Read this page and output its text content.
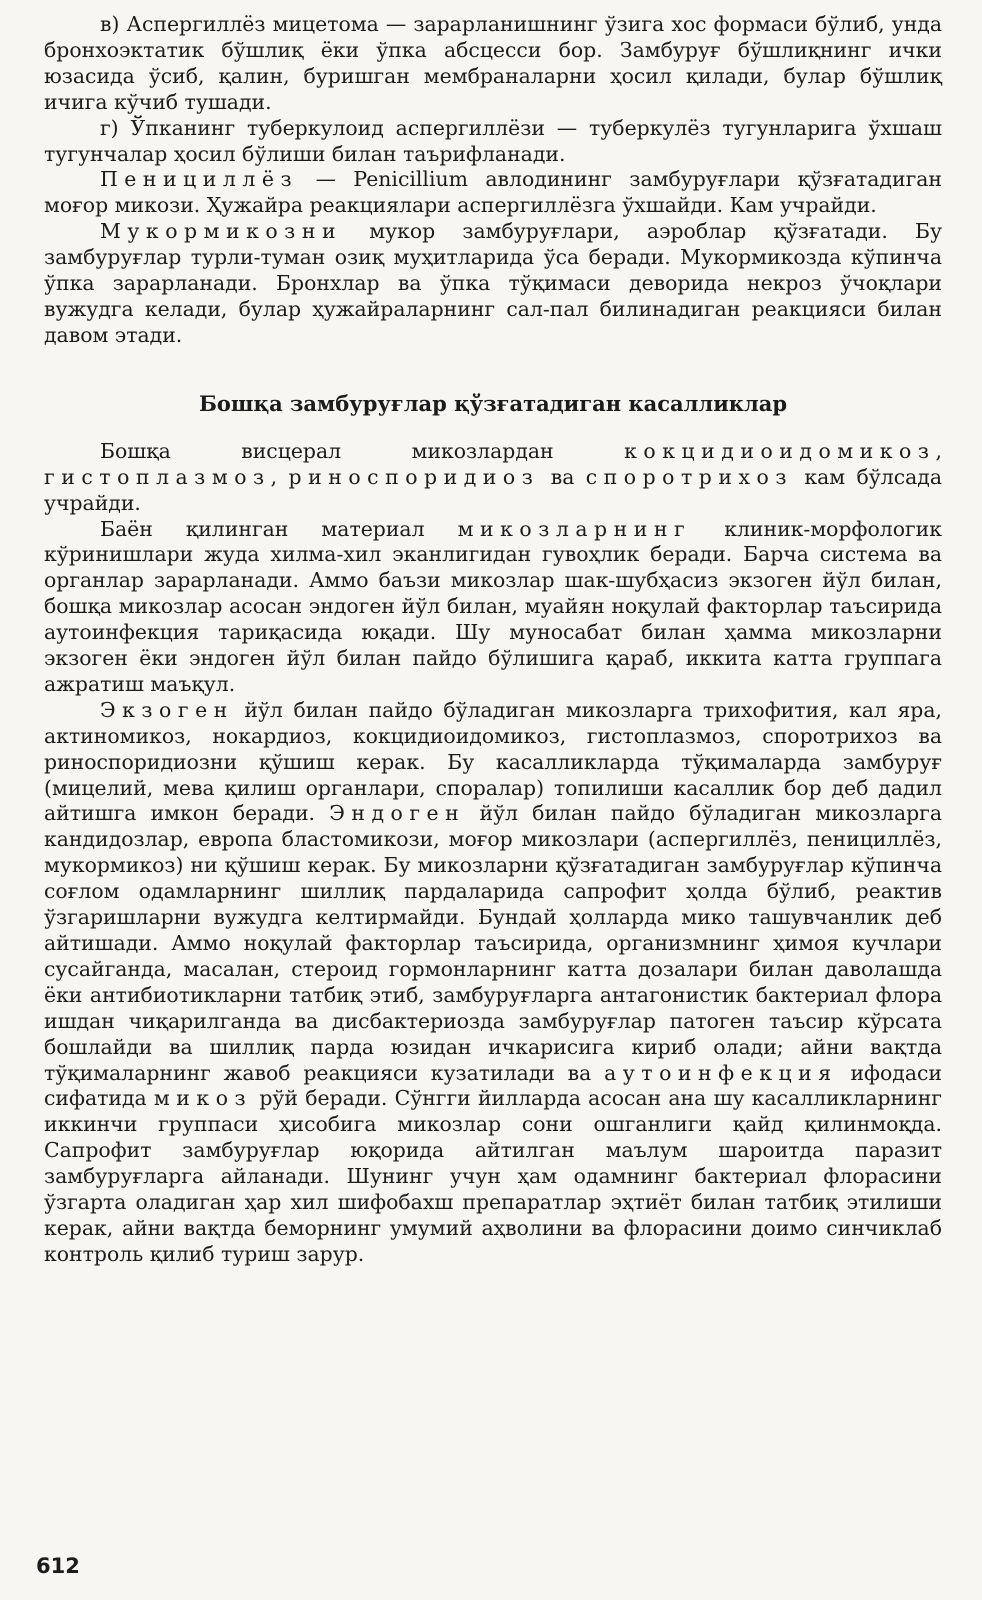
в) Аспергиллёз мицетома — зарарланишнинг ўзига хос формаси бўлиб, унда бронхоэктатик бўшлиқ ёки ўпка абсцесси бор. Замбуруғ бўшлиқнинг ички юзасида ўсиб, қалин, буришган мембраналарни ҳосил қилади, булар бўшлиқ ичига кўчиб тушади.

г) Ўпканинг туберкулоид аспергиллёзи — туберкулёз тугунларига ўхшаш тугунчалар ҳосил бўлиши билан таърифланади.

Пенициллёз — Penicillium авлодининг замбуруғлари қўзғатадиган моғор микози. Ҳужайра реакциялари аспергиллёзга ўхшайди. Кам учрайди.

Мукормикозни мукор замбуруғлари, аэроблар қўзғатади. Бу замбуруғлар турли-туман озиқ муҳитларида ўса беради. Мукормикозда кўпинча ўпка зарарланади. Бронхлар ва ўпка тўқимаси деворида некроз ўчоқлари вужудга келади, булар ҳужайраларнинг сал-пал билинадиган реакцияси билан давом этади.

Бошқа замбуруғлар қўзғатадиган касалликлар

Бошқа висцерал микозлардан кокцидиоидомикоз, гистоплазмоз, риноспоридиоз ва споротрихоз кам бўлсада учрайди.

Баён қилинган материал микозларнинг клиник-морфологик кўринишлари жуда хилма-хил эканлигидан гувоҳлик беради. Барча система ва органлар зарарланади. Аммо баъзи микозлар шак-шубҳасиз экзоген йўл билан, бошқа микозлар асосан эндоген йўл билан, муайян ноқулай факторлар таъсирида аутоинфекция тариқасида юқади. Шу муносабат билан ҳамма микозларни экзоген ёки эндоген йўл билан пайдо бўлишига қараб, иккита катта группага ажратиш маъқул.

Экзоген йўл билан пайдо бўладиган микозларга трихофития, кал яра, актиномикоз, нокардиоз, кокцидиоидомикоз, гистоплазмоз, споротрихоз ва риноспоридиозни қўшиш керак. Бу касалликларда тўқималарда замбуруғ (мицелий, мева қилиш органлари, споралар) топилиши касаллик бор деб дадил айтишга имкон беради. Эндоген йўл билан пайдо бўладиган микозларга кандидозлар, европа бластомикози, моғор микозлари (аспергиллёз, пенициллёз, мукормикоз) ни қўшиш керак. Бу микозларни қўзғатадиган замбуруғлар кўпинча соғлом одамларнинг шиллиқ пардаларида сапрофит ҳолда бўлиб, реактив ўзгаришларни вужудга келтирмайди. Бундай ҳолларда мико ташувчанлик деб айтишади. Аммо ноқулай факторлар таъсирида, организмнинг ҳимоя кучлари сусайганда, масалан, стероид гормонларнинг катта дозалари билан даволашда ёки антибиотикларни татбиқ этиб, замбуруғларга антагонистик бактериал флора ишдан чиқарилганда ва дисбактериозда замбуруғлар патоген таъсир кўрсата бошлайди ва шиллиқ парда юзидан ичкарисига кириб олади; айни вақтда тўқималарнинг жавоб реакцияси кузатилади ва аутоинфекция ифодаси сифатида микоз рўй беради. Сўнгги йилларда асосан ана шу касалликларнинг иккинчи группаси ҳисобига микозлар сони ошганлиги қайд қилинмоқда. Сапрофит замбуруғлар юқорида айтилган маълум шароитда паразит замбуруғларга айланади. Шунинг учун ҳам одамнинг бактериал флорасини ўзгарта оладиган ҳар хил шифобахш препаратлар эҳтиёт билан татбиқ этилиши керак, айни вақтда беморнинг умумий аҳволини ва флорасини доимо синчиклаб контроль қилиб туриш зарур.

612
